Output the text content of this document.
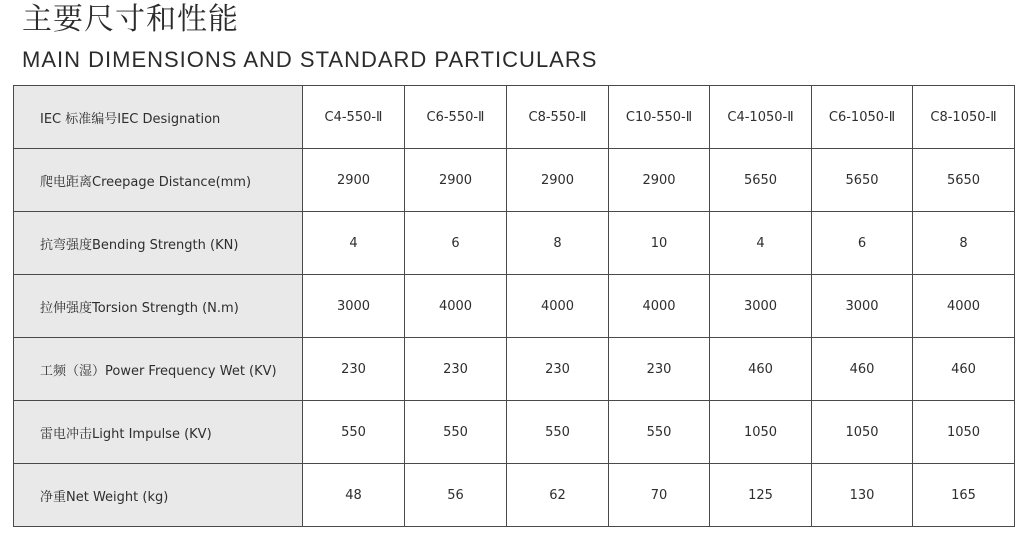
主要尺寸和性能
MAIN DIMENSIONS AND STANDARD PARTICULARS
IEC 标准编号IEC Designation	C4-550-Ⅱ	C6-550-Ⅱ	C8-550-Ⅱ	C10-550-Ⅱ	C4-1050-Ⅱ	C6-1050-Ⅱ	C8-1050-Ⅱ
爬电距离Creepage Distance(mm)	2900	2900	2900	2900	5650	5650	5650
抗弯强度Bending Strength (KN)	4	6	8	10	4	6	8
拉伸强度Torsion Strength (N.m)	3000	4000	4000	4000	3000	3000	4000
工频（湿）Power Frequency Wet (KV)	230	230	230	230	460	460	460
雷电冲击Light Impulse (KV)	550	550	550	550	1050	1050	1050
净重Net Weight (kg)	48	56	62	70	125	130	165
